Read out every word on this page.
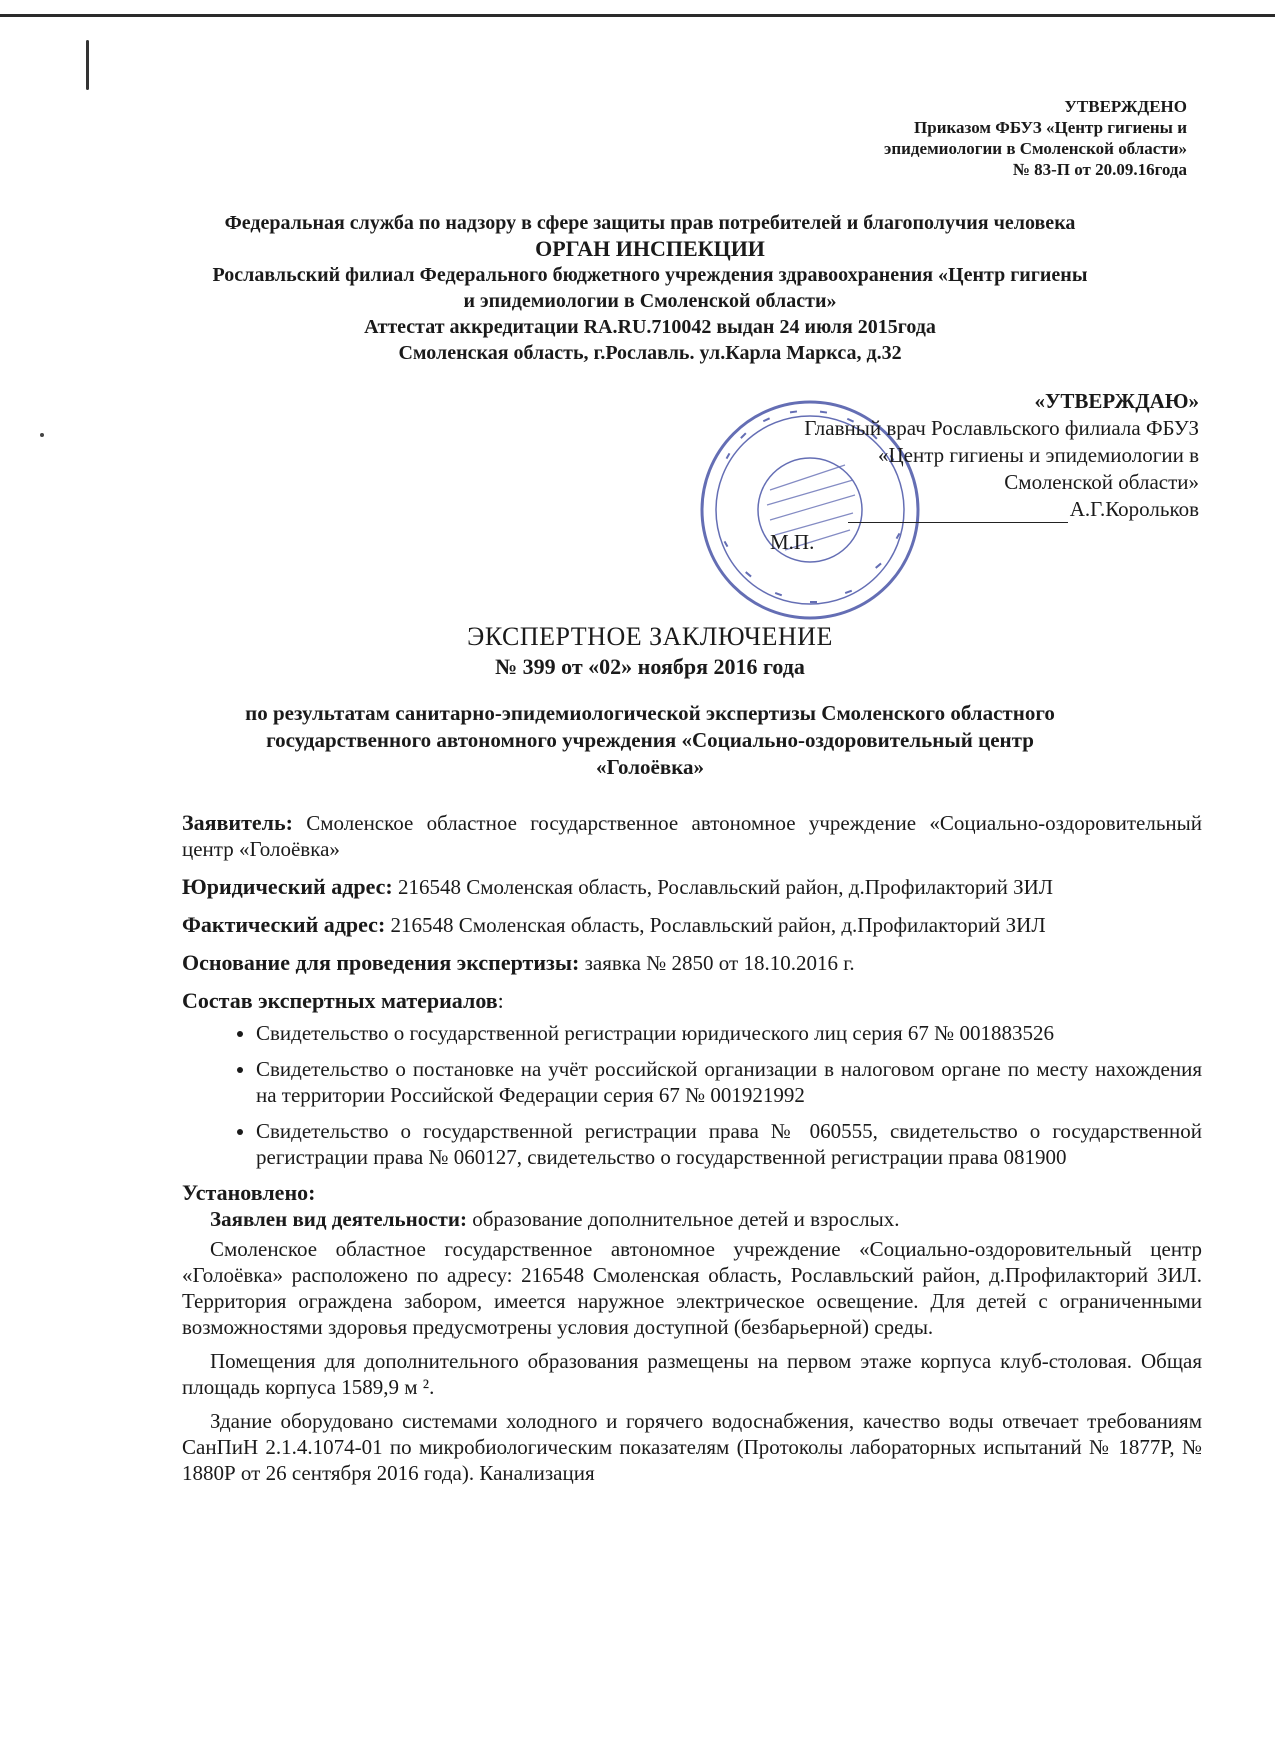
УТВЕРЖДЕНО
Приказом ФБУЗ «Центр гигиены и
эпидемиологии в Смоленской области»
№ 83-П от 20.09.16года
Федеральная служба по надзору в сфере защиты прав потребителей и благополучия человека
ОРГАН ИНСПЕКЦИИ
Рославльский филиал Федерального бюджетного учреждения здравоохранения «Центр гигиены
и эпидемиологии в Смоленской области»
Аттестат аккредитации RA.RU.710042 выдан 24 июля 2015года
Смоленская область, г.Рославль. ул.Карла Маркса, д.32
«УТВЕРЖДАЮ»
Главный врач Рославльского филиала ФБУЗ
«Центр гигиены и эпидемиологии в
Смоленской области»
А.Г.Корольков
М.П.
ЭКСПЕРТНОЕ ЗАКЛЮЧЕНИЕ
№ 399 от «02» ноября 2016 года
по результатам санитарно-эпидемиологической экспертизы Смоленского областного
государственного автономного учреждения «Социально-оздоровительный центр
«Голоёвка»

Заявитель: Смоленское областное государственное автономное учреждение «Социально-оздоровительный центр «Голоёвка»

Юридический адрес: 216548 Смоленская область, Рославльский район, д.Профилакторий ЗИЛ

Фактический адрес: 216548 Смоленская область, Рославльский район, д.Профилакторий ЗИЛ

Основание для проведения экспертизы: заявка № 2850 от 18.10.2016 г.

Состав экспертных материалов:

• Свидетельство о государственной регистрации юридического лиц серия 67 № 001883526
• Свидетельство о постановке на учёт российской организации в налоговом органе по месту нахождения на территории Российской Федерации серия 67 № 001921992
• Свидетельство о государственной регистрации права № 060555, свидетельство о государственной регистрации права № 060127, свидетельство о государственной регистрации права 081900

Установлено:

Заявлен вид деятельности: образование дополнительное детей и взрослых.

Смоленское областное государственное автономное учреждение «Социально-оздоровительный центр «Голоёвка» расположено по адресу: 216548 Смоленская область, Рославльский район, д.Профилакторий ЗИЛ. Территория ограждена забором, имеется наружное электрическое освещение. Для детей с ограниченными возможностями здоровья предусмотрены условия доступной (безбарьерной) среды.

Помещения для дополнительного образования размещены на первом этаже корпуса клуб-столовая. Общая площадь корпуса 1589,9 м ².

Здание оборудовано системами холодного и горячего водоснабжения, качество воды отвечает требованиям СанПиН 2.1.4.1074-01 по микробиологическим показателям (Протоколы лабораторных испытаний № 1877Р, № 1880Р от 26 сентября 2016 года). Канализация
